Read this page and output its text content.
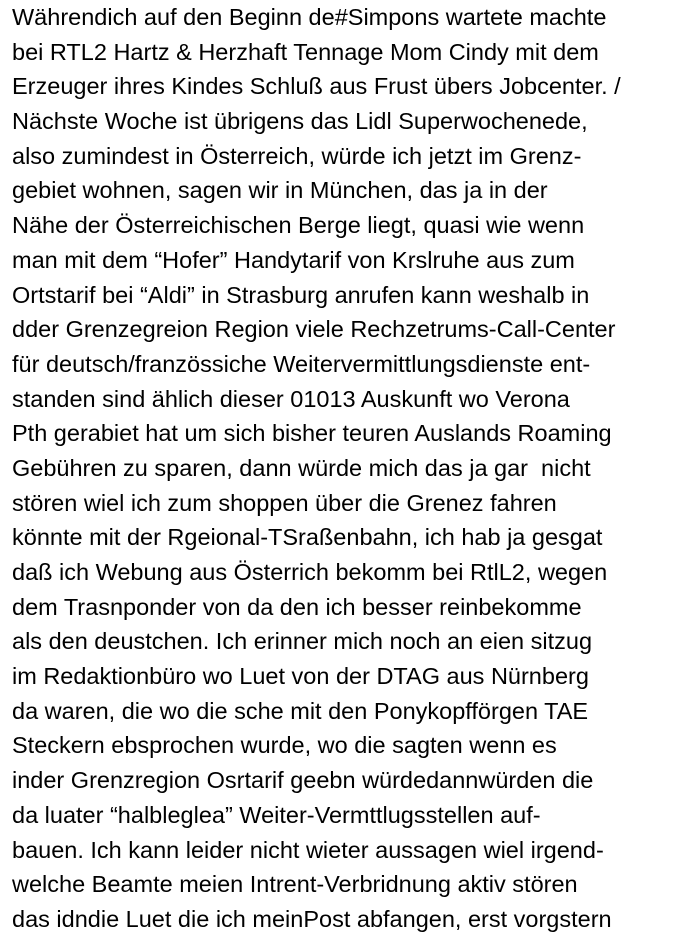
Währendich auf den Beginn de#Simpons wartete machte
bei RTL2 Hartz & Herzhaft Tennage Mom Cindy mit dem
Erzeuger ihres Kindes Schluß aus Frust übers Jobcenter. /
Nächste Woche ist übrigens das Lidl Superwochenede,
also zumindest in Österreich, würde ich jetzt im Grenz-
gebiet wohnen, sagen wir in München, das ja in der
Nähe der Österreichischen Berge liegt, quasi wie wenn
man mit dem “Hofer” Handytarif von Krslruhe aus zum
Ortstarif bei “Aldi” in Strasburg anrufen kann weshalb in
dder Grenzegreion Region viele Rechzetrums-Call-Center
für deutsch/französsiche Weitervermittlungsdienste ent-
standen sind ählich dieser 01013 Auskunft wo Verona
Pth gerabiet hat um sich bisher teuren Auslands Roaming
Gebühren zu sparen, dann würde mich das ja gar  nicht
stören wiel ich zum shoppen über die Grenez fahren
könnte mit der Rgeional-TSraßenbahn, ich hab ja gesgat
daß ich Webung aus Österrich bekomm bei RtlL2, wegen
dem Trasnponder von da den ich besser reinbekomme
als den deustchen. Ich erinner mich noch an eien sitzug
im Redaktionbüro wo Luet von der DTAG aus Nürnberg
da waren, die wo die sche mit den Ponykopfförgen TAE
Steckern ebsprochen wurde, wo die sagten wenn es
inder Grenzregion Osrtarif geebn würdedannwürden die
da luater “halbleglea” Weiter-Vermttlugsstellen auf-
bauen. Ich kann leider nicht wieter aussagen wiel irgend-
welche Beamte meien Intrent-Verbridnung aktiv stören
das idndie Luet die ich meinPost abfangen, erst vorgstern
